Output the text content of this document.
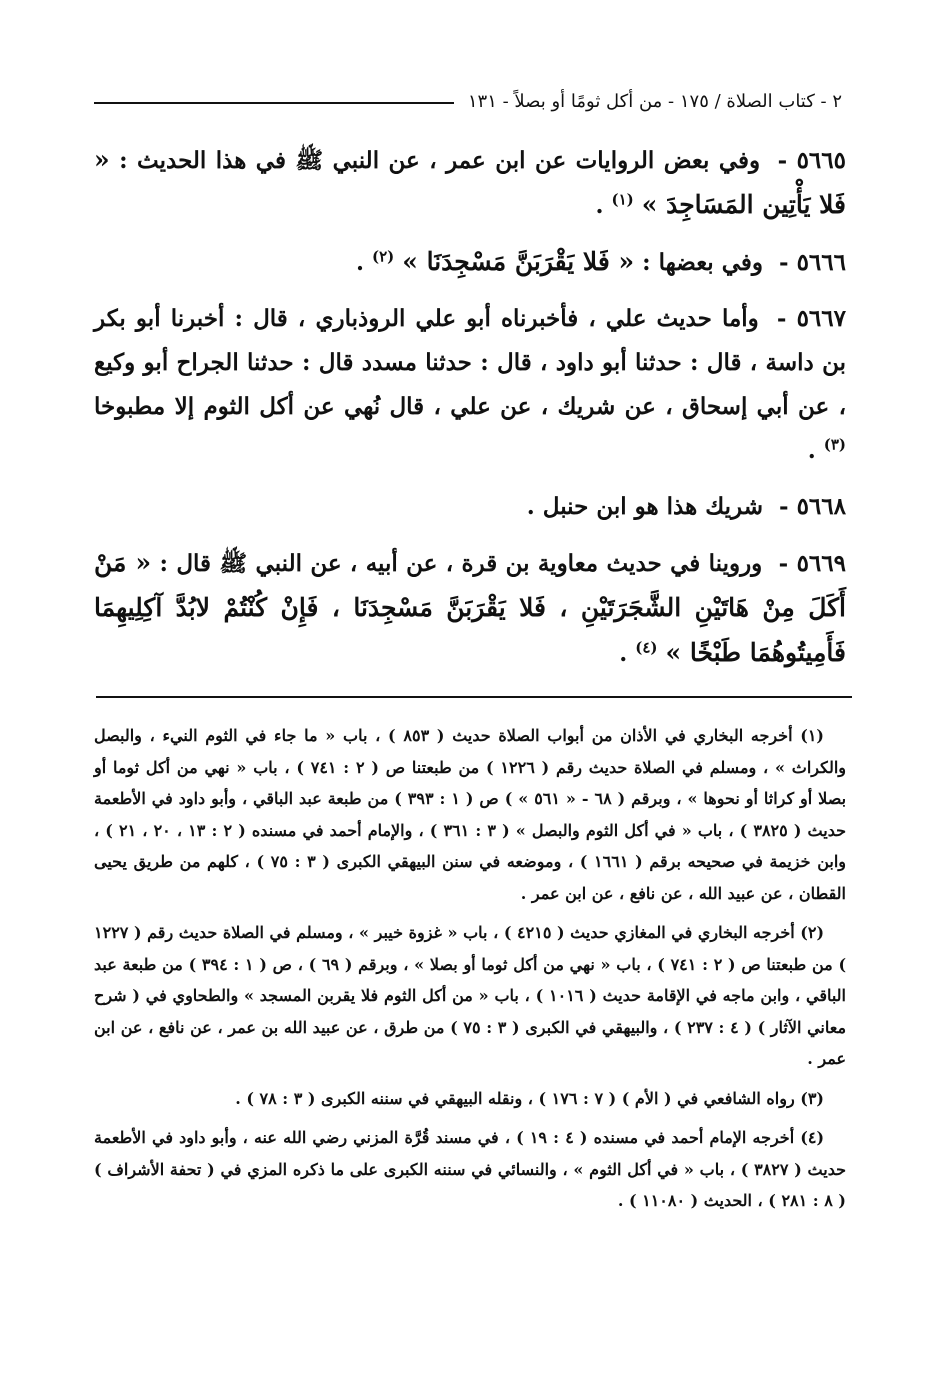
٢ - كتاب الصلاة / ١٧٥ - من أكل ثومًا أو بصلاً - ١٣١

٥٦٦٥ - وفي بعض الروايات عن ابن عمر ، عن النبي ﷺ في هذا الحديث : « فَلا يَأْتِين المَسَاجِدَ » $^{(١)}$ .

٥٦٦٦ - وفي بعضها : « فَلا يَقْرَبَنَّ مَسْجِدَنَا » $^{(٢)}$ .

٥٦٦٧ - وأما حديث علي ، فأخبرناه أبو علي الروذباري ، قال : أخبرنا أبو بكر بن داسة ، قال : حدثنا أبو داود ، قال : حدثنا مسدد قال : حدثنا الجراح أبو وكيع ، عن أبي إسحاق ، عن شريك ، عن علي ، قال نُهي عن أكل الثوم إلا مطبوخا $^{(٣)}$ .

٥٦٦٨ - شريك هذا هو ابن حنبل .

٥٦٦٩ - وروينا في حديث معاوية بن قرة ، عن أبيه ، عن النبي ﷺ قال : « مَنْ أَكَلَ مِنْ هَاتَيْنِ الشَّجَرَتَيْنِ ، فَلا يَقْرَبَنَّ مَسْجِدَنَا ، فَإِنْ كُنْتُمْ لابُدَّ آكِلِيهِمَا فَأَمِيتُوهُمَا طَبْخًا » $^{(٤)}$ .

(١) أخرجه البخاري في الأذان من أبواب الصلاة حديث ( ٨٥٣ ) ، باب « ما جاء في الثوم النيء ، والبصل والكراث » ، ومسلم في الصلاة حديث رقم ( ١٢٢٦ ) من طبعتنا ص ( ٢ : ٧٤١ ) ، باب « نهي من أكل ثوما أو بصلا أو كراثا أو نحوها » ، وبرقم ( ٦٨ - « ٥٦١ » ) ص ( ١ : ٣٩٣ ) من طبعة عبد الباقي ، وأبو داود في الأطعمة حديث ( ٣٨٢٥ ) ، باب « في أكل الثوم والبصل » ( ٣ : ٣٦١ ) ، والإمام أحمد في مسنده ( ٢ : ١٣ ، ٢٠ ، ٢١ ) ، وابن خزيمة في صحيحه برقم ( ١٦٦١ ) ، وموضعه في سنن البيهقي الكبرى ( ٣ : ٧٥ ) ، كلهم من طريق يحيى القطان ، عن عبيد الله ، عن نافع ، عن ابن عمر .

(٢) أخرجه البخاري في المغازي حديث ( ٤٢١٥ ) ، باب « غزوة خيبر » ، ومسلم في الصلاة حديث رقم ( ١٢٢٧ ) من طبعتنا ص ( ٢ : ٧٤١ ) ، باب « نهي من أكل ثوما أو بصلا » ، وبرقم ( ٦٩ ) ، ص ( ١ : ٣٩٤ ) من طبعة عبد الباقي ، وابن ماجه في الإقامة حديث ( ١٠١٦ ) ، باب « من أكل الثوم فلا يقربن المسجد » والطحاوي في ( شرح معاني الآثار ) ( ٤ : ٢٣٧ ) ، والبيهقي في الكبرى ( ٣ : ٧٥ ) من طرق ، عن عبيد الله بن عمر ، عن نافع ، عن ابن عمر .

(٣) رواه الشافعي في ( الأم ) ( ٧ : ١٧٦ ) ، ونقله البيهقي في سننه الكبرى ( ٣ : ٧٨ ) .

(٤) أخرجه الإمام أحمد في مسنده ( ٤ : ١٩ ) ، في مسند قُرَّة المزني رضي الله عنه ، وأبو داود في الأطعمة حديث ( ٣٨٢٧ ) ، باب « في أكل الثوم » ، والنسائي في سننه الكبرى على ما ذكره المزي في ( تحفة الأشراف ) ( ٨ : ٢٨١ ) ، الحديث ( ١١٠٨٠ ) .
